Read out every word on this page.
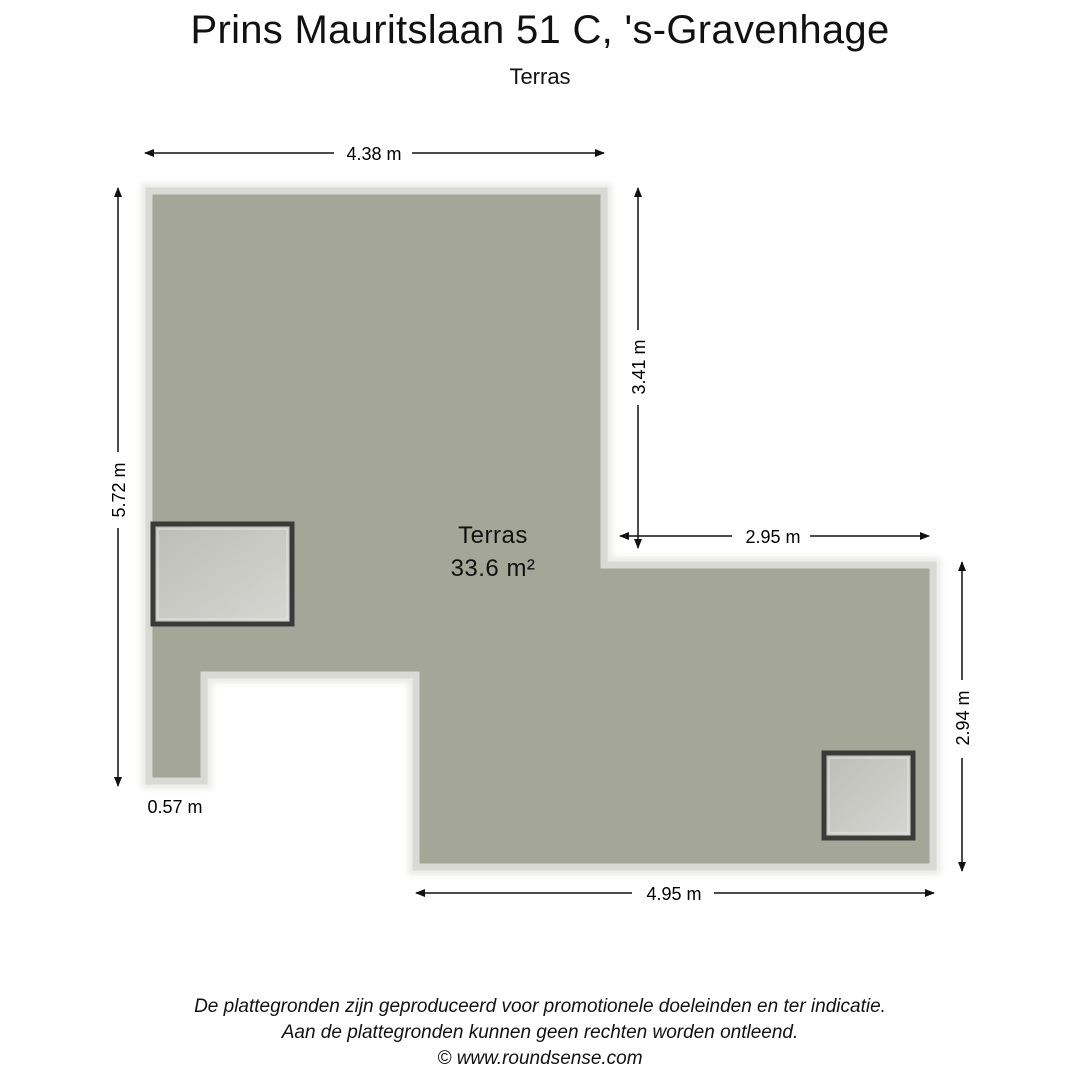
Prins Mauritslaan 51 C, 's-Gravenhage
Terras
Terras
33.6 m²
4.38 m
5.72 m
3.41 m
2.95 m
2.94 m
4.95 m
0.57 m
De plattegronden zijn geproduceerd voor promotionele doeleinden en ter indicatie.
Aan de plattegronden kunnen geen rechten worden ontleend.
© www.roundsense.com
